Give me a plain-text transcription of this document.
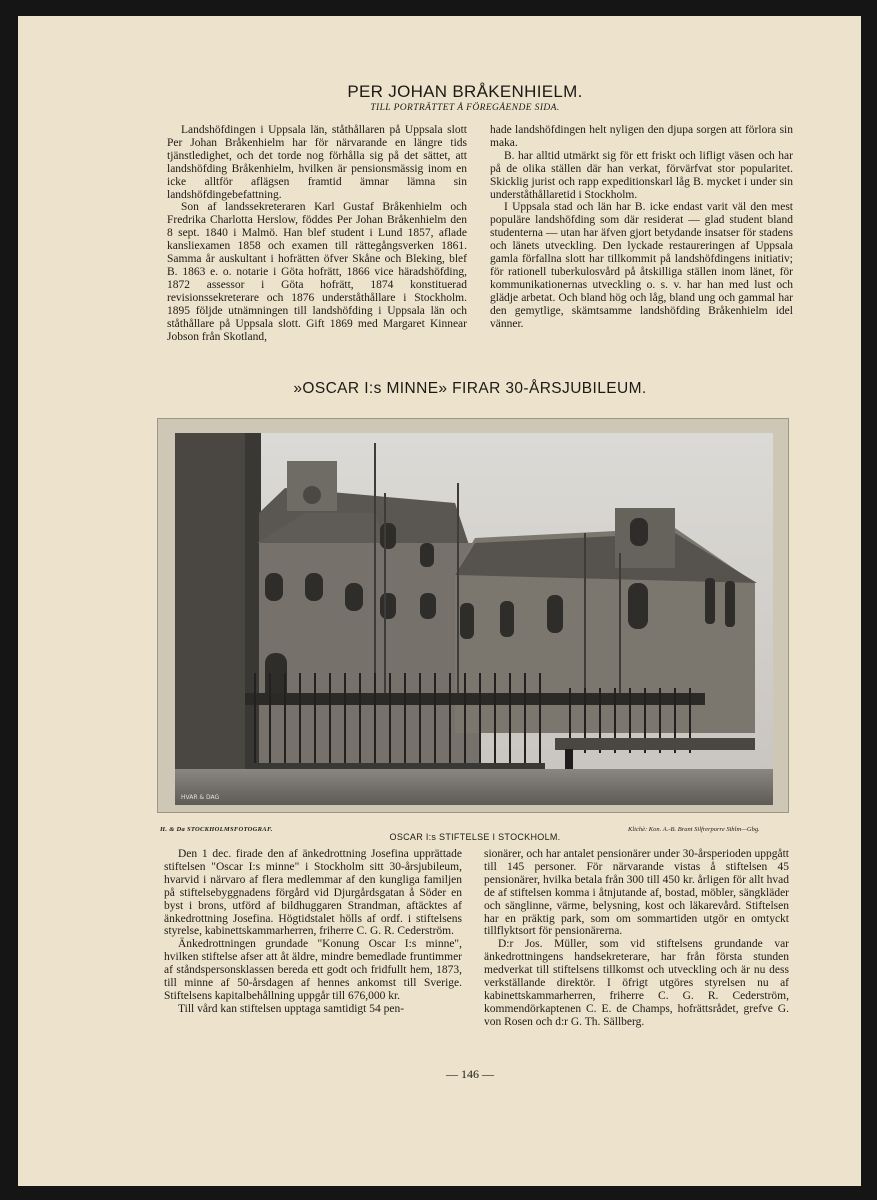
PER JOHAN BRÅKENHIELM.
TILL PORTRÄTTET Å FÖREGÅENDE SIDA.

Landshöfdingen i Uppsala län, ståthållaren på Uppsala slott Per Johan Bråkenhielm har för närvarande en längre tids tjänstledighet, och det torde nog förhålla sig på det sättet, att landshöfding Bråkenhielm, hvilken är pensionsmässig inom en icke alltför aflägsen framtid ämnar lämna sin landshöfdingebefattning.

Son af landssekreteraren Karl Gustaf Bråkenhielm och Fredrika Charlotta Herslow, föddes Per Johan Bråkenhielm den 8 sept. 1840 i Malmö. Han blef student i Lund 1857, aflade kansliexamen 1858 och examen till rättegångsverken 1861. Samma år auskultant i hofrätten öfver Skåne och Bleking, blef B. 1863 e. o. notarie i Göta hofrätt, 1866 vice häradshöfding, 1872 assessor i Göta hofrätt, 1874 konstituerad revisionssekreterare och 1876 underståthållare i Stockholm. 1895 följde utnämningen till landshöfding i Uppsala län och ståthållare på Uppsala slott. Gift 1869 med Margaret Kinnear Jobson från Skotland,

hade landshöfdingen helt nyligen den djupa sorgen att förlora sin maka.

B. har alltid utmärkt sig för ett friskt och lifligt väsen och har på de olika ställen där han verkat, förvärfvat stor popularitet. Skicklig jurist och rapp expeditionskarl låg B. mycket i under sin underståthållaretid i Stockholm.

I Uppsala stad och län har B. icke endast varit väl den mest populäre landshöfding som där residerat — glad student bland studenterna — utan har äfven gjort betydande insatser för stadens och länets utveckling. Den lyckade restaureringen af Uppsala gamla förfallna slott har tillkommit på landshöfdingens initiativ; för rationell tuberkulosvård på åtskilliga ställen inom länet, för kommunikationernas utveckling o. s. v. har han med lust och glädje arbetat. Och bland hög och låg, bland ung och gammal har den gemytlige, skämtsamme landshöfding Bråkenhielm idel vänner.

»OSCAR I:s MINNE» FIRAR 30-ÅRSJUBILEUM.
HVAR & DAG
H. & Da STOCKHOLMSFOTOGRAF.	Klichè: Kon. A.-B. Brant Silfrerporre Sthlm—Gbg.
OSCAR I:s STIFTELSE I STOCKHOLM.

Den 1 dec. firade den af änkedrottning Josefina upprättade stiftelsen "Oscar I:s minne" i Stockholm sitt 30-årsjubileum, hvarvid i närvaro af flera medlemmar af den kungliga familjen på stiftelsebyggnadens förgård vid Djurgårdsgatan å Söder en byst i brons, utförd af bildhuggaren Strandman, aftäcktes af änkedrottning Josefina. Högtidstalet hölls af ordf. i stiftelsens styrelse, kabinettskammarherren, friherre C. G. R. Cederström.

Änkedrottningen grundade "Konung Oscar I:s minne", hvilken stiftelse afser att åt äldre, mindre bemedlade fruntimmer af ståndspersonsklassen bereda ett godt och fridfullt hem, 1873, till minne af 50-årsdagen af hennes ankomst till Sverige. Stiftelsens kapitalbehållning uppgår till 676,000 kr.

Till vård kan stiftelsen upptaga samtidigt 54 pen-

sionärer, och har antalet pensionärer under 30-årsperioden uppgått till 145 personer. För närvarande vistas å stiftelsen 45 pensionärer, hvilka betala från 300 till 450 kr. årligen för allt hvad de af stiftelsen komma i åtnjutande af, bostad, möbler, sängkläder och sänglinne, värme, belysning, kost och läkarevård. Stiftelsen har en präktig park, som om sommartiden utgör en omtyckt tillflyktsort för pensionärerna.

D:r Jos. Müller, som vid stiftelsens grundande var änkedrottningens handsekreterare, har från första stunden medverkat till stiftelsens tillkomst och utveckling och är nu dess verkställande direktör. I öfrigt utgöres styrelsen nu af kabinettskammarherren, friherre C. G. R. Cederström, kommendörkaptenen C. E. de Champs, hofrättsrådet, grefve G. von Rosen och d:r G. Th. Sällberg.

— 146 —
